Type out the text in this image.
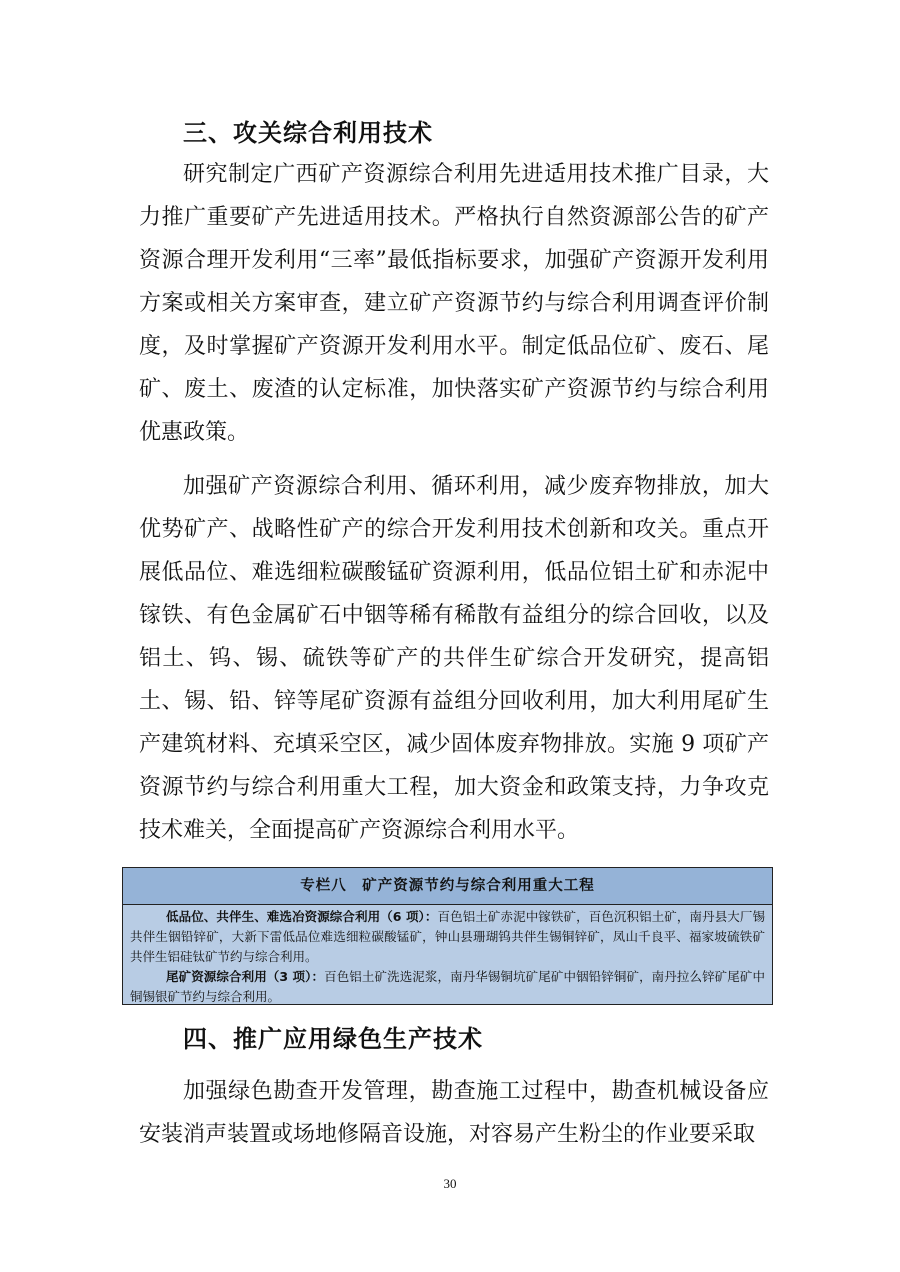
三、攻关综合利用技术

研究制定广西矿产资源综合利用先进适用技术推广目录，大力推广重要矿产先进适用技术。严格执行自然资源部公告的矿产资源合理开发利用“三率”最低指标要求，加强矿产资源开发利用方案或相关方案审查，建立矿产资源节约与综合利用调查评价制度，及时掌握矿产资源开发利用水平。制定低品位矿、废石、尾矿、废土、废渣的认定标准，加快落实矿产资源节约与综合利用优惠政策。

加强矿产资源综合利用、循环利用，减少废弃物排放，加大优势矿产、战略性矿产的综合开发利用技术创新和攻关。重点开展低品位、难选细粒碳酸锰矿资源利用，低品位铝土矿和赤泥中镓铁、有色金属矿石中铟等稀有稀散有益组分的综合回收，以及铝土、钨、锡、硫铁等矿产的共伴生矿综合开发研究，提高铝土、锡、铅、锌等尾矿资源有益组分回收利用，加大利用尾矿生产建筑材料、充填采空区，减少固体废弃物排放。实施 9 项矿产资源节约与综合利用重大工程，加大资金和政策支持，力争攻克技术难关，全面提高矿产资源综合利用水平。

专栏八　矿产资源节约与综合利用重大工程

低品位、共伴生、难选冶资源综合利用（6 项）：百色铝土矿赤泥中镓铁矿，百色沉积铝土矿，南丹县大厂锡共伴生铟铅锌矿，大新下雷低品位难选细粒碳酸锰矿，钟山县珊瑚钨共伴生锡铜锌矿，凤山千良平、福家坡硫铁矿共伴生铝硅钛矿节约与综合利用。

尾矿资源综合利用（3 项）：百色铝土矿洗选泥浆，南丹华锡铜坑矿尾矿中铟铅锌铜矿，南丹拉么锌矿尾矿中铜锡银矿节约与综合利用。

四、推广应用绿色生产技术

加强绿色勘查开发管理，勘查施工过程中，勘查机械设备应安装消声装置或场地修隔音设施，对容易产生粉尘的作业要采取

30
